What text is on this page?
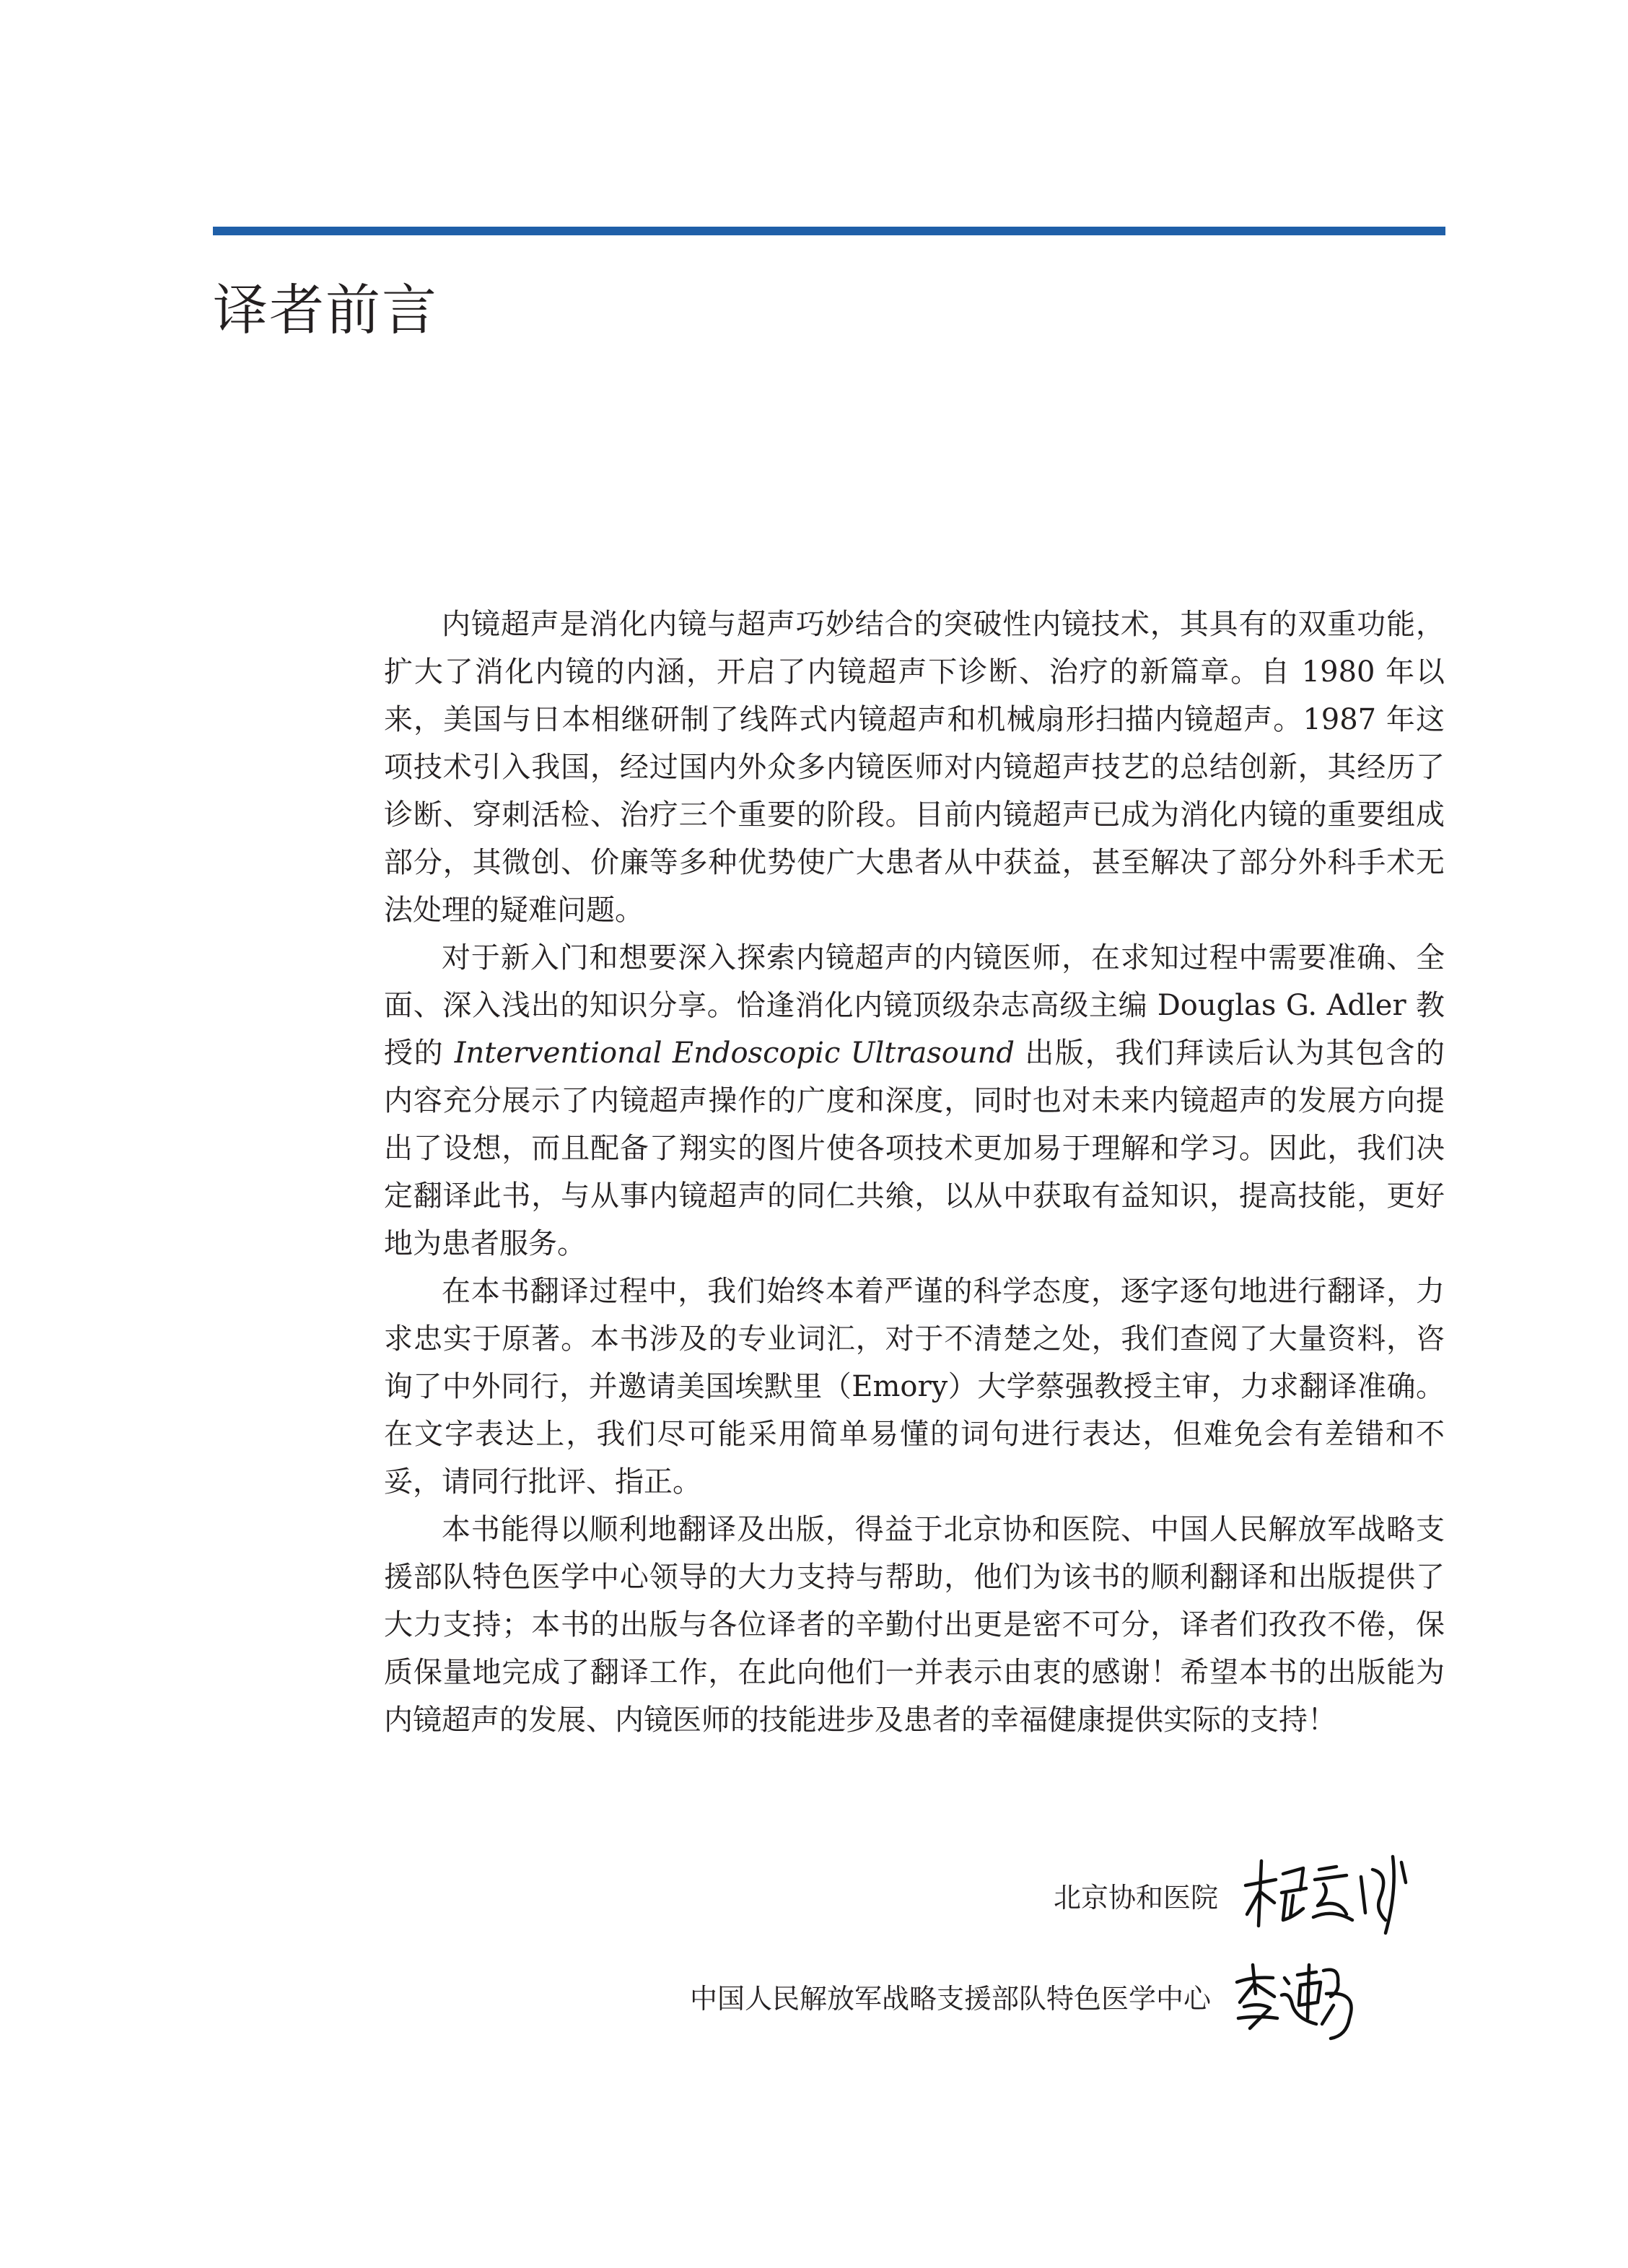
译者前言

内镜超声是消化内镜与超声巧妙结合的突破性内镜技术，其具有的双重功能，扩大了消化内镜的内涵，开启了内镜超声下诊断、治疗的新篇章。自 1980 年以来，美国与日本相继研制了线阵式内镜超声和机械扇形扫描内镜超声。1987 年这项技术引入我国，经过国内外众多内镜医师对内镜超声技艺的总结创新，其经历了诊断、穿刺活检、治疗三个重要的阶段。目前内镜超声已成为消化内镜的重要组成部分，其微创、价廉等多种优势使广大患者从中获益，甚至解决了部分外科手术无法处理的疑难问题。

对于新入门和想要深入探索内镜超声的内镜医师，在求知过程中需要准确、全面、深入浅出的知识分享。恰逢消化内镜顶级杂志高级主编 Douglas G. Adler 教授的 Interventional Endoscopic Ultrasound 出版，我们拜读后认为其包含的内容充分展示了内镜超声操作的广度和深度，同时也对未来内镜超声的发展方向提出了设想，而且配备了翔实的图片使各项技术更加易于理解和学习。因此，我们决定翻译此书，与从事内镜超声的同仁共飨，以从中获取有益知识，提高技能，更好地为患者服务。

在本书翻译过程中，我们始终本着严谨的科学态度，逐字逐句地进行翻译，力求忠实于原著。本书涉及的专业词汇，对于不清楚之处，我们查阅了大量资料，咨询了中外同行，并邀请美国埃默里（Emory）大学蔡强教授主审，力求翻译准确。在文字表达上，我们尽可能采用简单易懂的词句进行表达，但难免会有差错和不妥，请同行批评、指正。

本书能得以顺利地翻译及出版，得益于北京协和医院、中国人民解放军战略支援部队特色医学中心领导的大力支持与帮助，他们为该书的顺利翻译和出版提供了大力支持；本书的出版与各位译者的辛勤付出更是密不可分，译者们孜孜不倦，保质保量地完成了翻译工作，在此向他们一并表示由衷的感谢！希望本书的出版能为内镜超声的发展、内镜医师的技能进步及患者的幸福健康提供实际的支持！

北京协和医院
中国人民解放军战略支援部队特色医学中心
